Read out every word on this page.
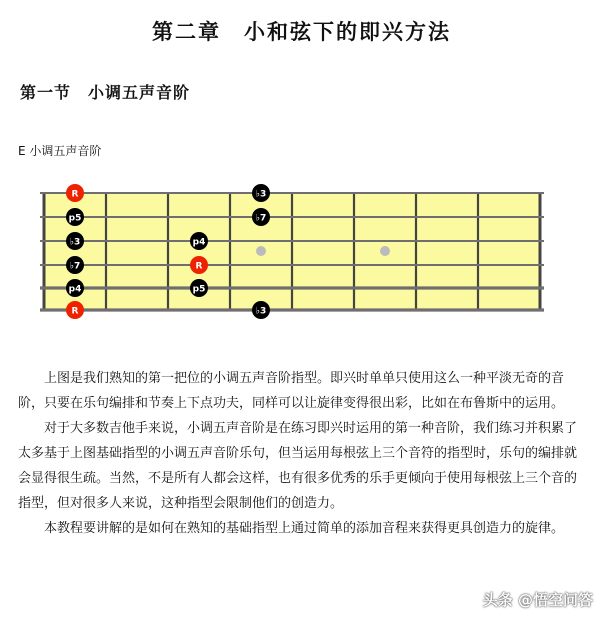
第二章　小和弦下的即兴方法
第一节　小调五声音阶
E 小调五声音阶
R
p5
♭3
♭7
p4
R
p4
R
p5
♭3
♭7
♭3

上图是我们熟知的第一把位的小调五声音阶指型。即兴时单单只使用这么一种平淡无奇的音阶，只要在乐句编排和节奏上下点功夫，同样可以让旋律变得很出彩，比如在布鲁斯中的运用。

对于大多数吉他手来说，小调五声音阶是在练习即兴时运用的第一种音阶，我们练习并积累了太多基于上图基础指型的小调五声音阶乐句，但当运用每根弦上三个音符的指型时，乐句的编排就会显得很生疏。当然，不是所有人都会这样，也有很多优秀的乐手更倾向于使用每根弦上三个音的指型，但对很多人来说，这种指型会限制他们的创造力。

本教程要讲解的是如何在熟知的基础指型上通过简单的添加音程来获得更具创造力的旋律。

头条 @悟空问答
